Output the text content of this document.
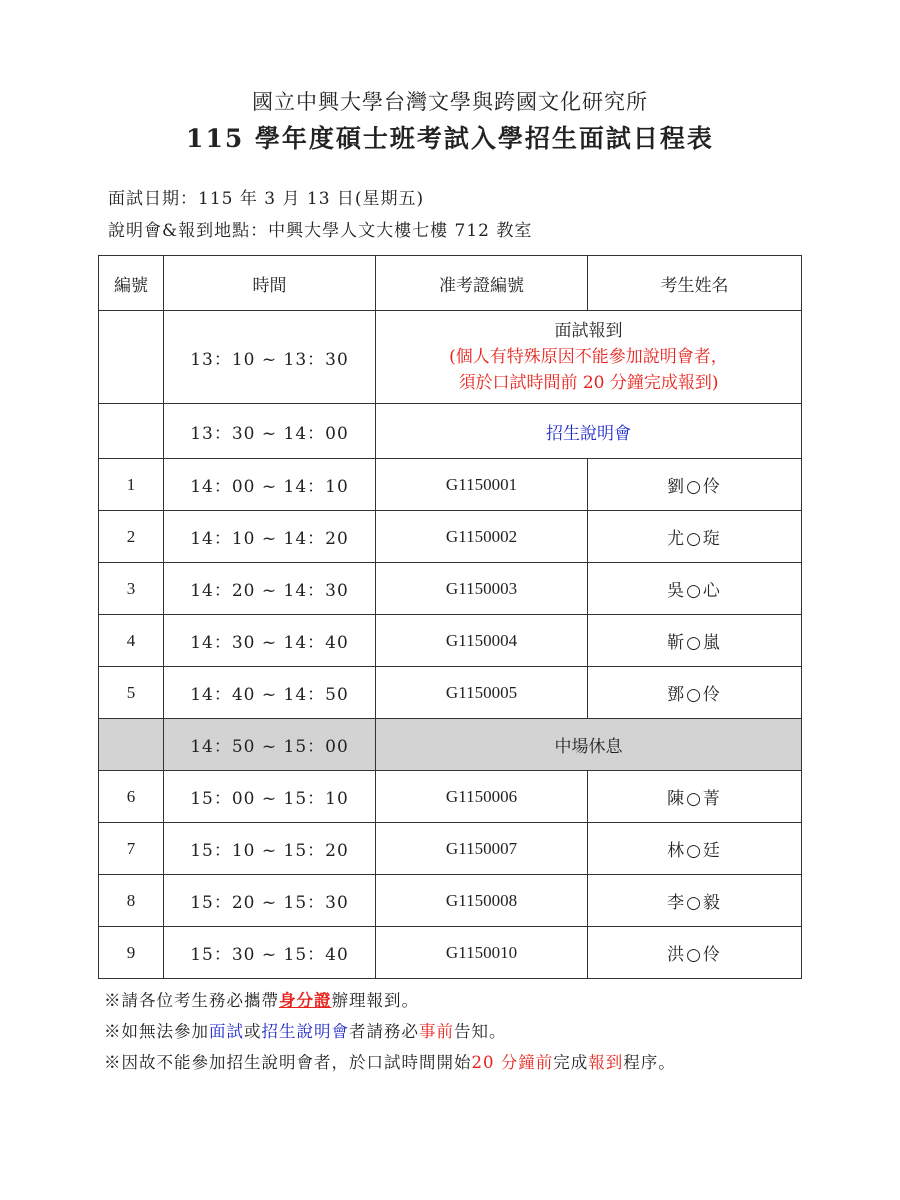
國立中興大學台灣文學與跨國文化研究所
115 學年度碩士班考試入學招生面試日程表
面試日期：115 年 3 月 13 日(星期五)
說明會&報到地點：中興大學人文大樓七樓 712 教室
編號	時間	准考證編號	考生姓名
	13：10 ~ 13：30	面試報到
(個人有特殊原因不能參加說明會者，
須於口試時間前 20 分鐘完成報到)	

	13：30 ~ 14：00	招生說明會	
1	14：00 ~ 14：10	G1150001	劉○伶
2	14：10 ~ 14：20	G1150002	尤○琁
3	14：20 ~ 14：30	G1150003	吳○心
4	14：30 ~ 14：40	G1150004	靳○嵐
5	14：40 ~ 14：50	G1150005	鄧○伶
	14：50 ~ 15：00	中場休息	
6	15：00 ~ 15：10	G1150006	陳○菁
7	15：10 ~ 15：20	G1150007	林○廷
8	15：20 ~ 15：30	G1150008	李○毅
9	15：30 ~ 15：40	G1150010	洪○伶
※請各位考生務必攜帶身分證辦理報到。
※如無法參加面試或招生說明會者請務必事前告知。
※因故不能參加招生說明會者，於口試時間開始20 分鐘前完成報到程序。
